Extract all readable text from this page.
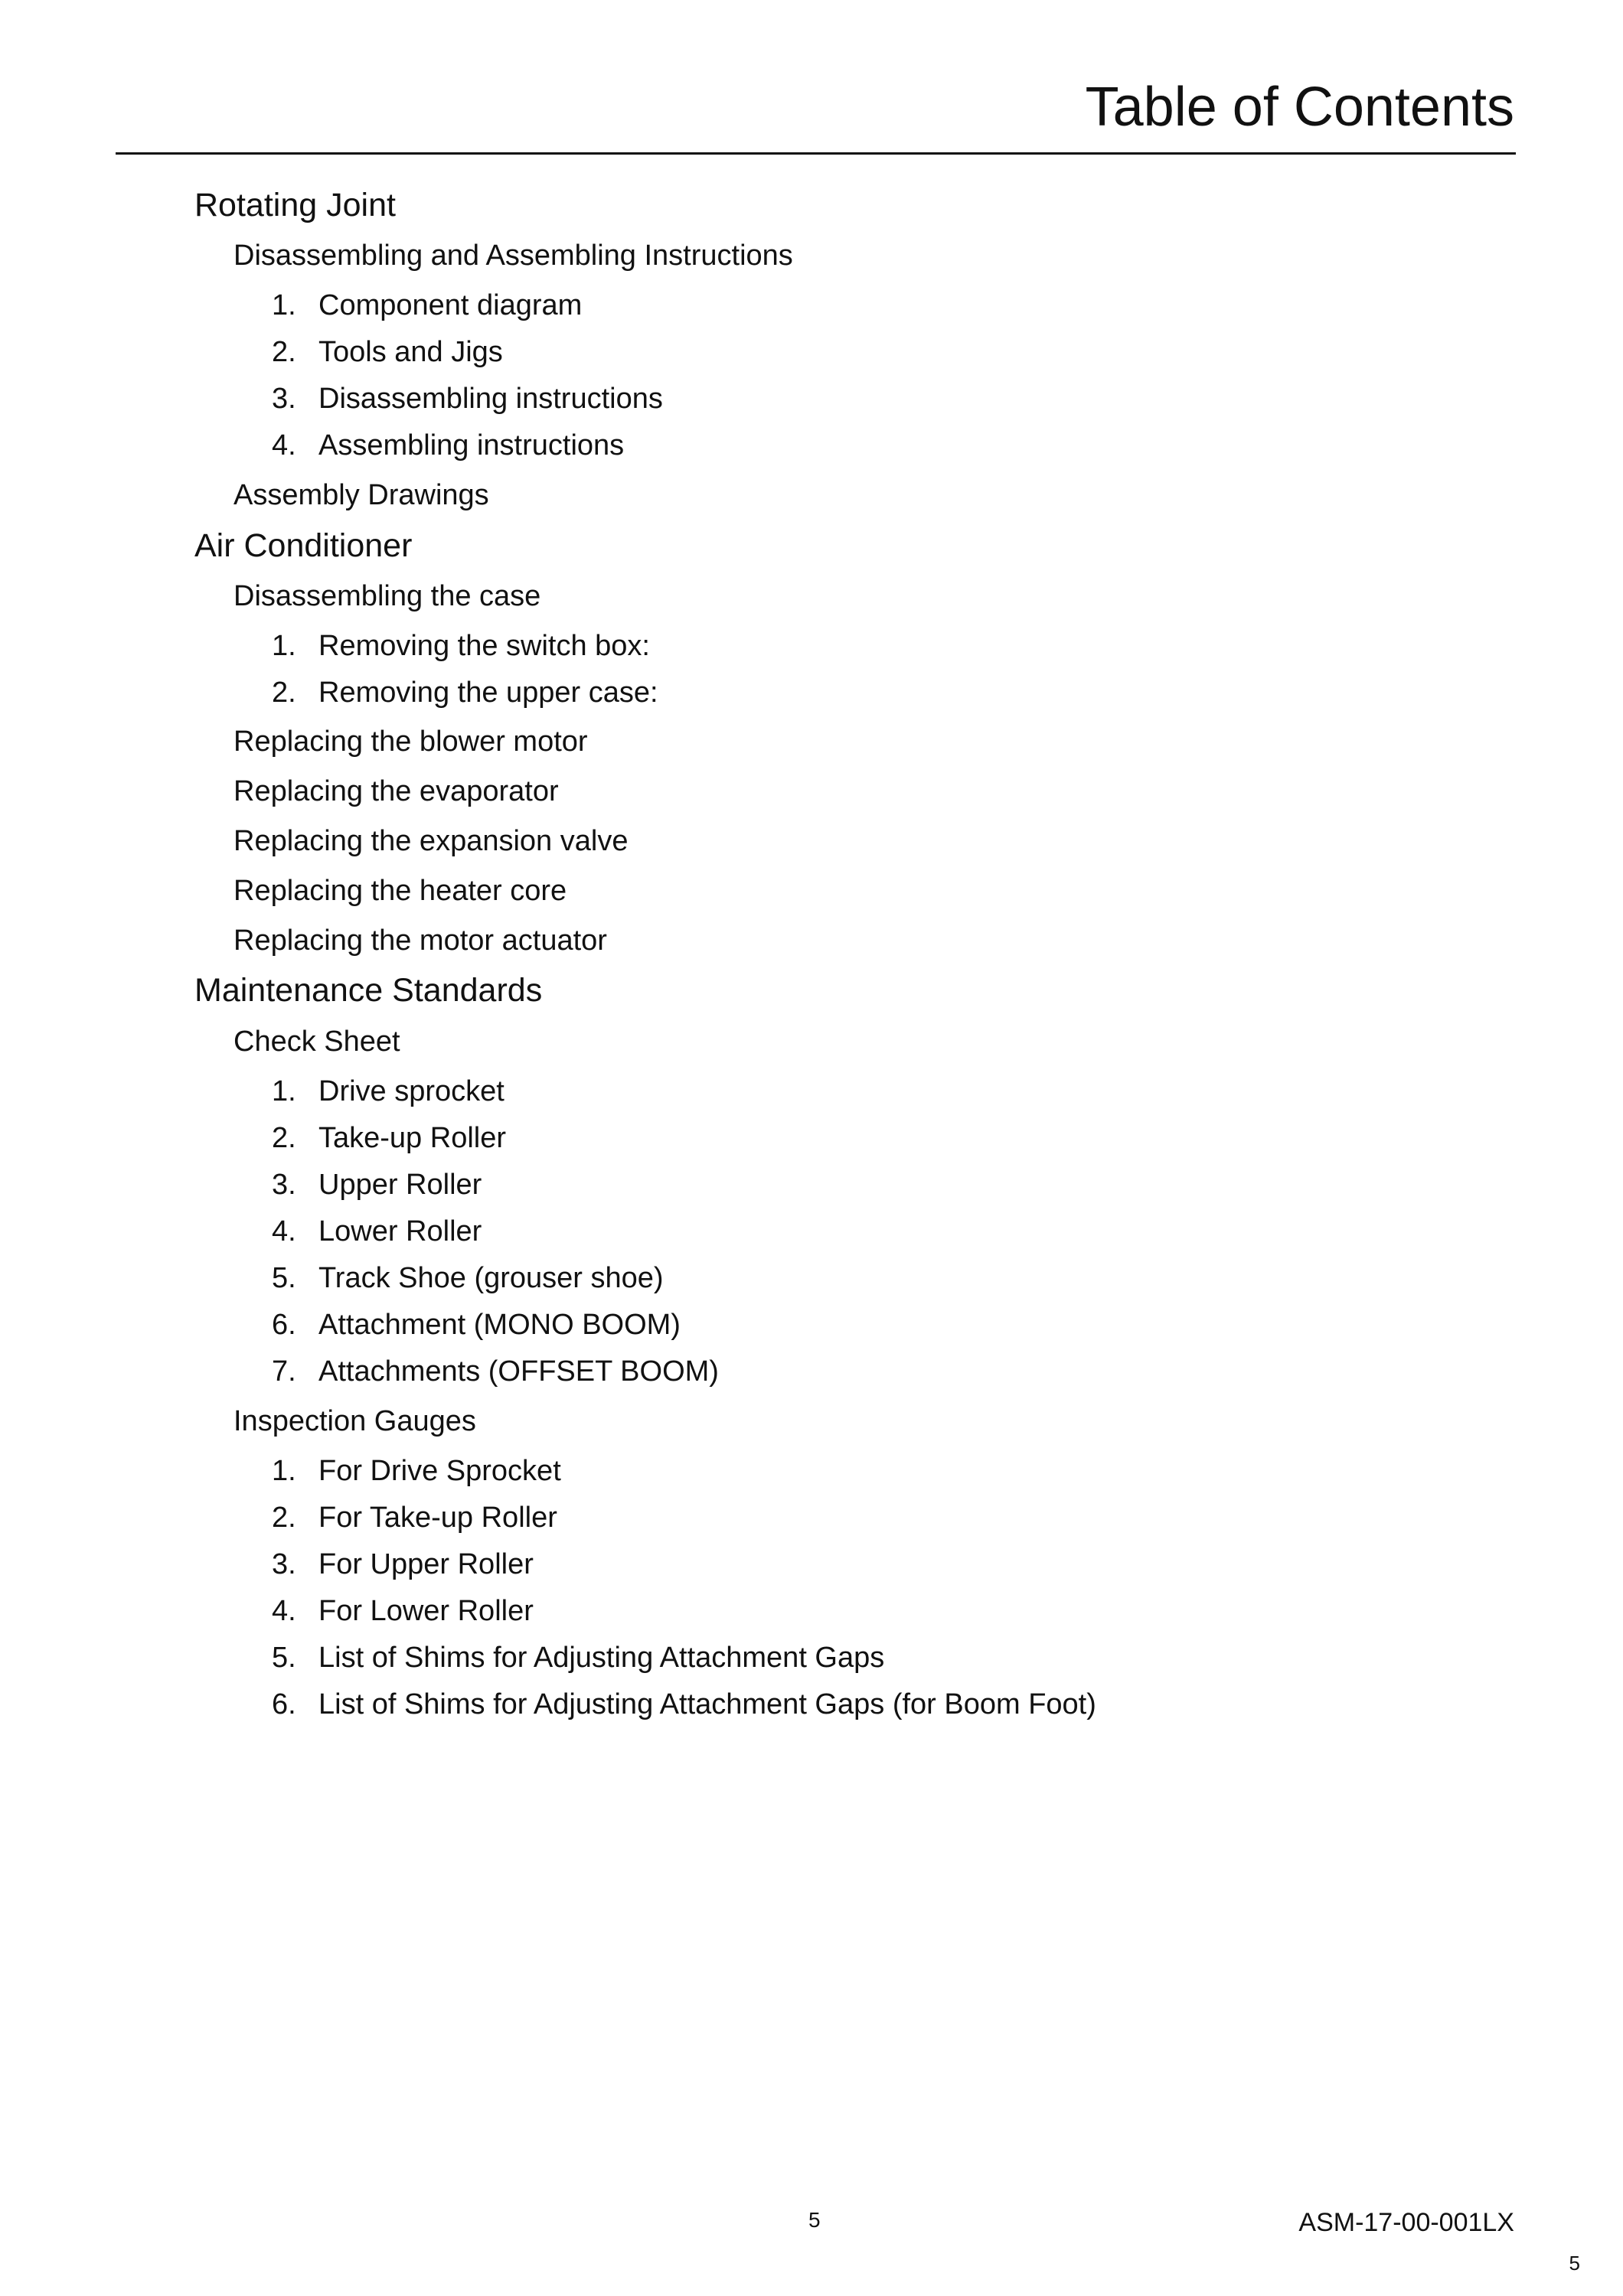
Table of Contents
Rotating Joint
Disassembling and Assembling Instructions
1. Component diagram
2. Tools and Jigs
3. Disassembling instructions
4. Assembling instructions
Assembly Drawings
Air Conditioner
Disassembling the case
1. Removing the switch box:
2. Removing the upper case:
Replacing the blower motor
Replacing the evaporator
Replacing the expansion valve
Replacing the heater core
Replacing the motor actuator
Maintenance Standards
Check Sheet
1. Drive sprocket
2. Take-up Roller
3. Upper Roller
4. Lower Roller
5. Track Shoe (grouser shoe)
6. Attachment (MONO BOOM)
7. Attachments (OFFSET BOOM)
Inspection Gauges
1. For Drive Sprocket
2. For Take-up Roller
3. For Upper Roller
4. For Lower Roller
5. List of Shims for Adjusting Attachment Gaps
6. List of Shims for Adjusting Attachment Gaps (for Boom Foot)
5	ASM-17-00-001LX
5
